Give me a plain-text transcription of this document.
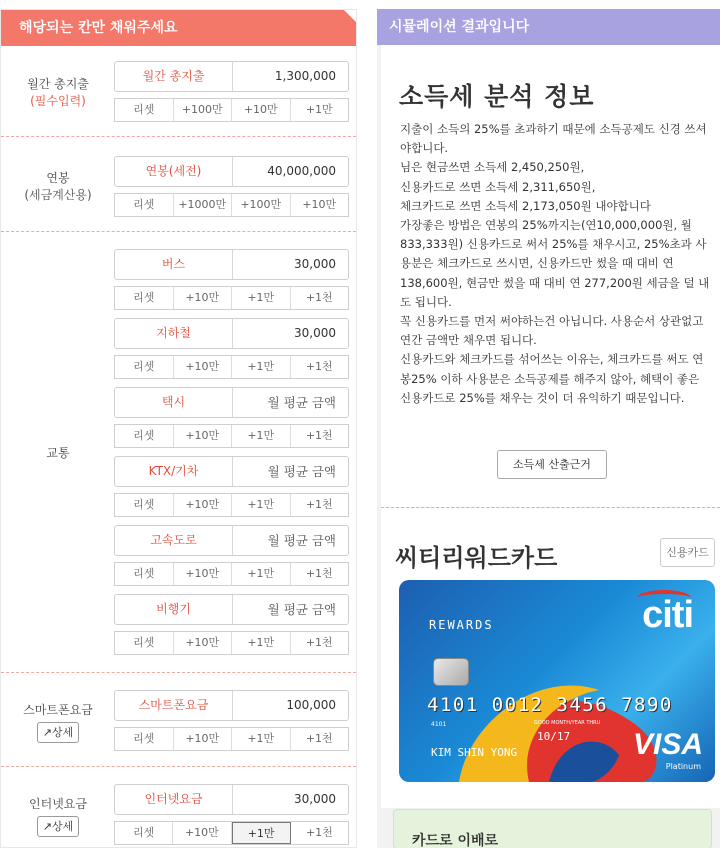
해당되는 칸만 채워주세요
월간 총지출
(필수입력)
월간 총지출	1,300,000
리셋	+100만	+10만	+1만
연봉
(세금계산용)
연봉(세전)	40,000,000
리셋	+1000만	+100만	+10만
교통
버스	30,000
리셋	+10만	+1만	+1천
지하철	30,000
리셋	+10만	+1만	+1천
택시	월 평균 금액
리셋	+10만	+1만	+1천
KTX/기차	월 평균 금액
리셋	+10만	+1만	+1천
고속도로	월 평균 금액
리셋	+10만	+1만	+1천
비행기	월 평균 금액
리셋	+10만	+1만	+1천
스마트폰요금
↗상세
스마트폰요금	100,000
리셋	+10만	+1만	+1천
인터넷요금
↗상세
인터넷요금	30,000
리셋	+10만	+1만	+1천
시뮬레이션 결과입니다
소득세 분석 정보
지출이 소득의 25%를 초과하기 때문에 소득공제도 신경 쓰셔야합니다.
님은 현금쓰면 소득세 2,450,250원,
신용카드로 쓰면 소득세 2,311,650원,
체크카드로 쓰면 소득세 2,173,050원 내야합니다
가장좋은 방법은 연봉의 25%까지는(연10,000,000원, 월833,333원) 신용카드로 써서 25%를 채우시고, 25%초과 사용분은 체크카드로 쓰시면, 신용카드만 썼을 때 대비 연 138,600원, 현금만 썼을 때 대비 연 277,200원 세금을 덜 내도 됩니다.
꼭 신용카드를 먼저 써야하는건 아닙니다. 사용순서 상관없고 연간 금액만 채우면 됩니다.
신용카드와 체크카드를 섞어쓰는 이유는, 체크카드를 써도 연봉25% 이하 사용분은 소득공제를 해주지 않아, 혜택이 좋은 신용카드로 25%를 채우는 것이 더 유익하기 때문입니다.
소득세 산출근거
씨티리워드카드	신용카드
citi
REWARDS
4101 0012 3456 7890
4101	GOOD MONTH/YEAR THRU
10/17
KIM SHIN YONG	VISA
Platinum
카드로 이배로
